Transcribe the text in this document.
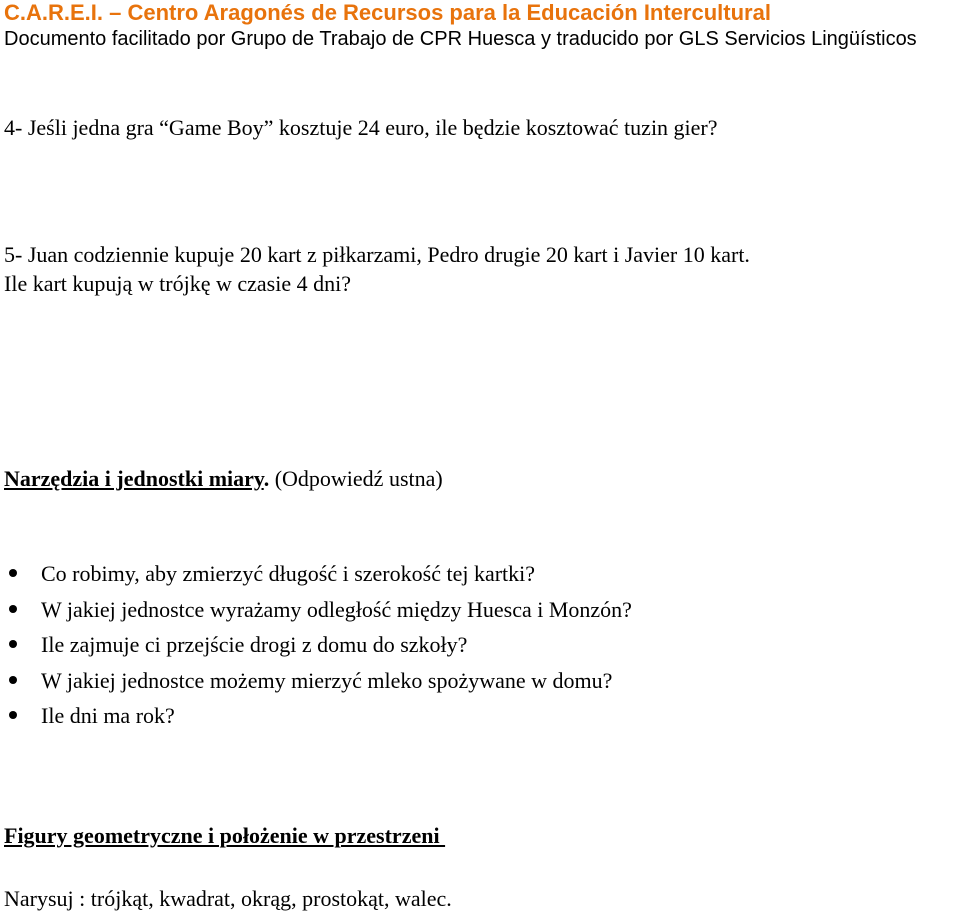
C.A.R.E.I. – Centro Aragonés de Recursos para la Educación Intercultural
Documento facilitado por Grupo de Trabajo de CPR Huesca y traducido por GLS Servicios Lingüísticos
4- Jeśli jedna gra “Game Boy” kosztuje 24 euro, ile będzie kosztować tuzin gier?
5- Juan codziennie kupuje 20 kart z piłkarzami, Pedro drugie 20 kart i Javier 10 kart.
Ile kart kupują w trójkę w czasie 4 dni?
Narzędzia i jednostki miary. (Odpowiedź ustna)
Co robimy, aby zmierzyć długość i szerokość tej kartki?
W jakiej jednostce wyrażamy odległość między Huesca i Monzón?
Ile zajmuje ci przejście drogi z domu do szkoły?
W jakiej jednostce możemy mierzyć mleko spożywane w domu?
Ile dni ma rok?
Figury geometryczne i położenie w przestrzeni
Narysuj : trójkąt, kwadrat, okrąg, prostokąt, walec.
